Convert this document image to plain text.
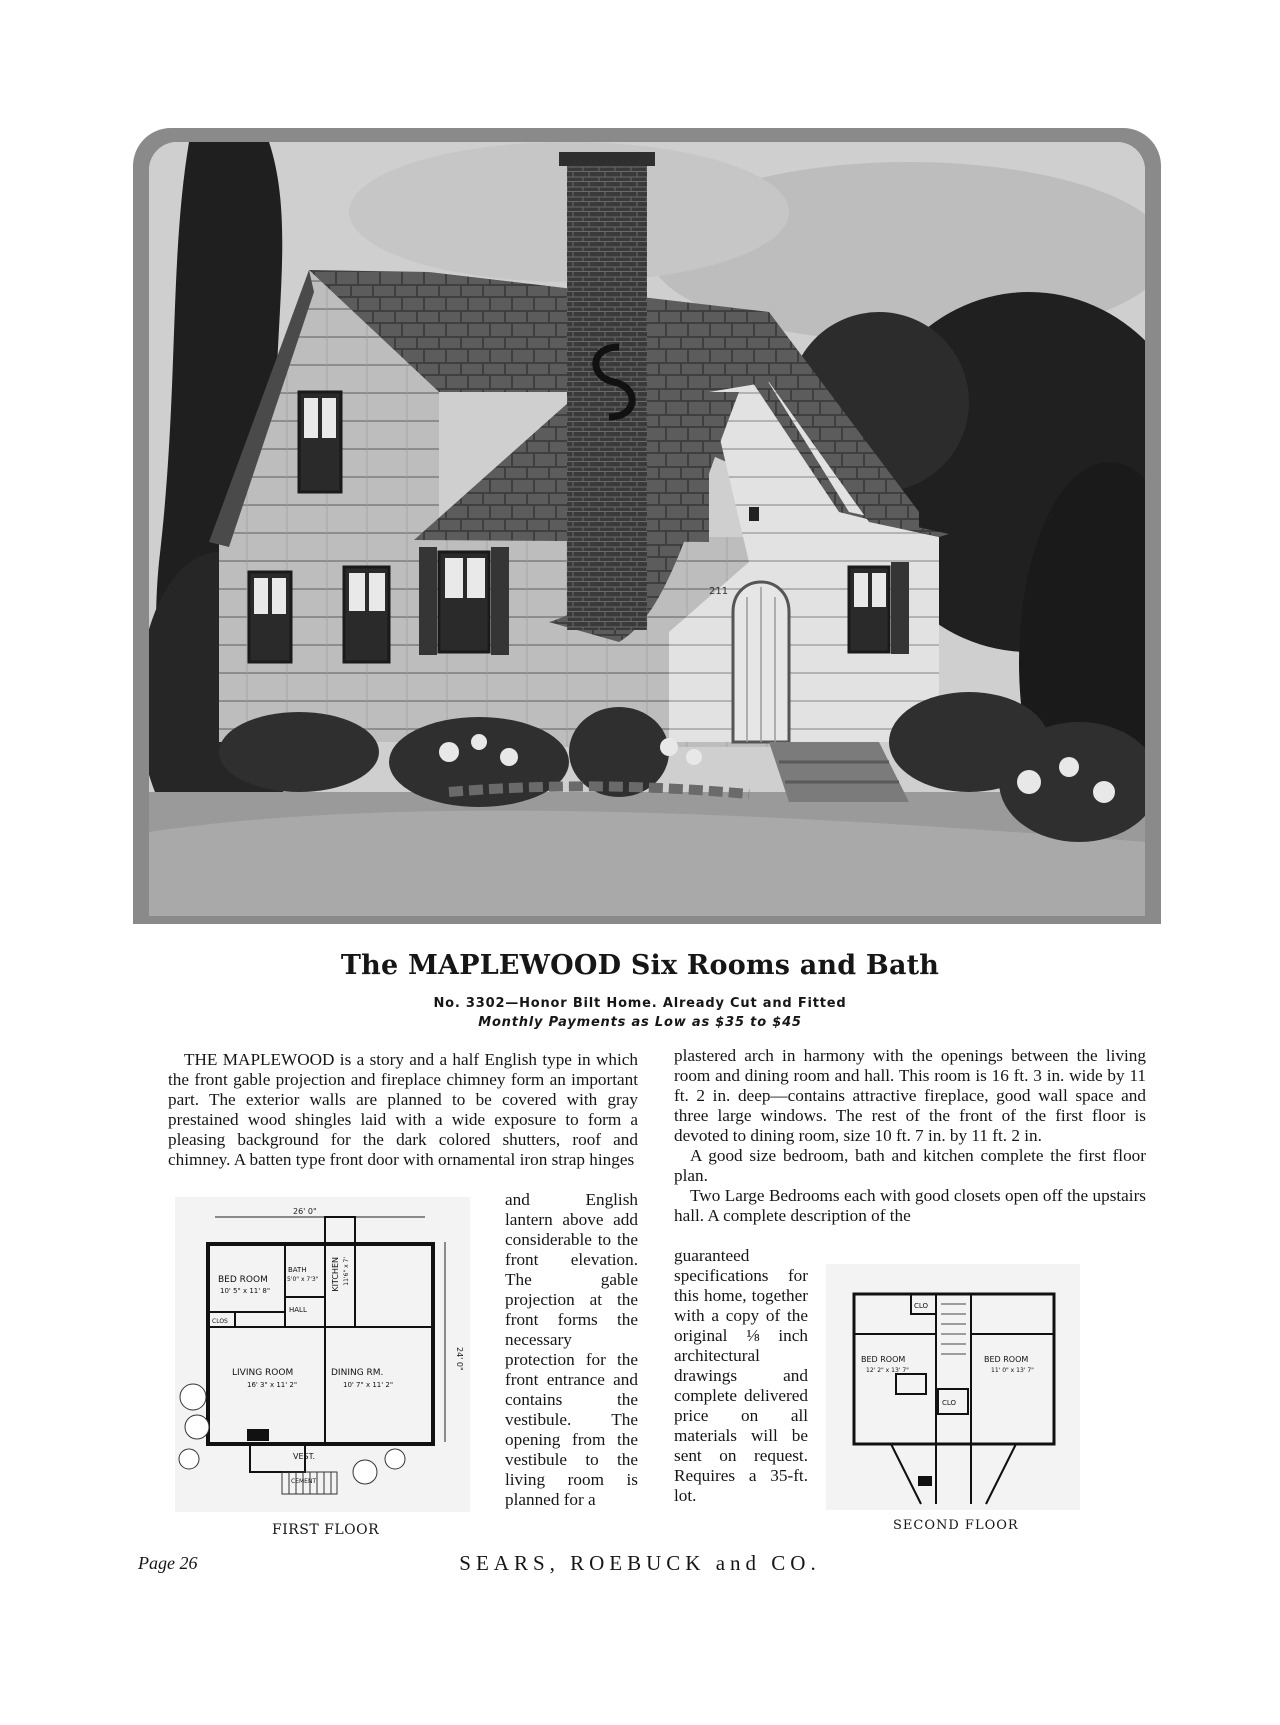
211
The MAPLEWOOD Six Rooms and Bath
No. 3302—Honor Bilt Home. Already Cut and Fitted
Monthly Payments as Low as $35 to $45

THE MAPLEWOOD is a story and a half English type in which the front gable projection and fireplace chimney form an important part. The exterior walls are planned to be covered with gray prestained wood shingles laid with a wide exposure to form a pleasing background for the dark colored shutters, roof and chimney. A batten type front door with ornamental iron strap hinges

and English lantern above add considerable to the front elevation. The gable projection at the front forms the necessary protection for the front entrance and contains the vestibule. The opening from the vestibule to the living room is planned for a

plastered arch in harmony with the openings between the living room and dining room and hall. This room is 16 ft. 3 in. wide by 11 ft. 2 in. deep—contains attractive fireplace, good wall space and three large windows. The rest of the front of the first floor is devoted to dining room, size 10 ft. 7 in. by 11 ft. 2 in.

A good size bedroom, bath and kitchen complete the first floor plan.

Two Large Bedrooms each with good closets open off the upstairs hall. A complete description of the

guaranteed specifications for this home, together with a copy of the original ⅛ inch architectural drawings and complete delivered price on all materials will be sent on request. Requires a 35-ft. lot.

26' 0"
24' 0"
BED ROOM
10' 5" x 11' 8"
BATH
5'0" x 7'3" KITCHEN 11'6" x 7'
CLOS
HALL
LIVING ROOM
16' 3" x 11' 2"
DINING RM.
10' 7" x 11' 2"
VEST.
CEMENT
FIRST FLOOR
CLO
BED ROOM
12' 2" x 13' 7"
BED ROOM
11' 0" x 13' 7"
CLO
SECOND FLOOR
Page 26	SEARS, ROEBUCK and CO.
